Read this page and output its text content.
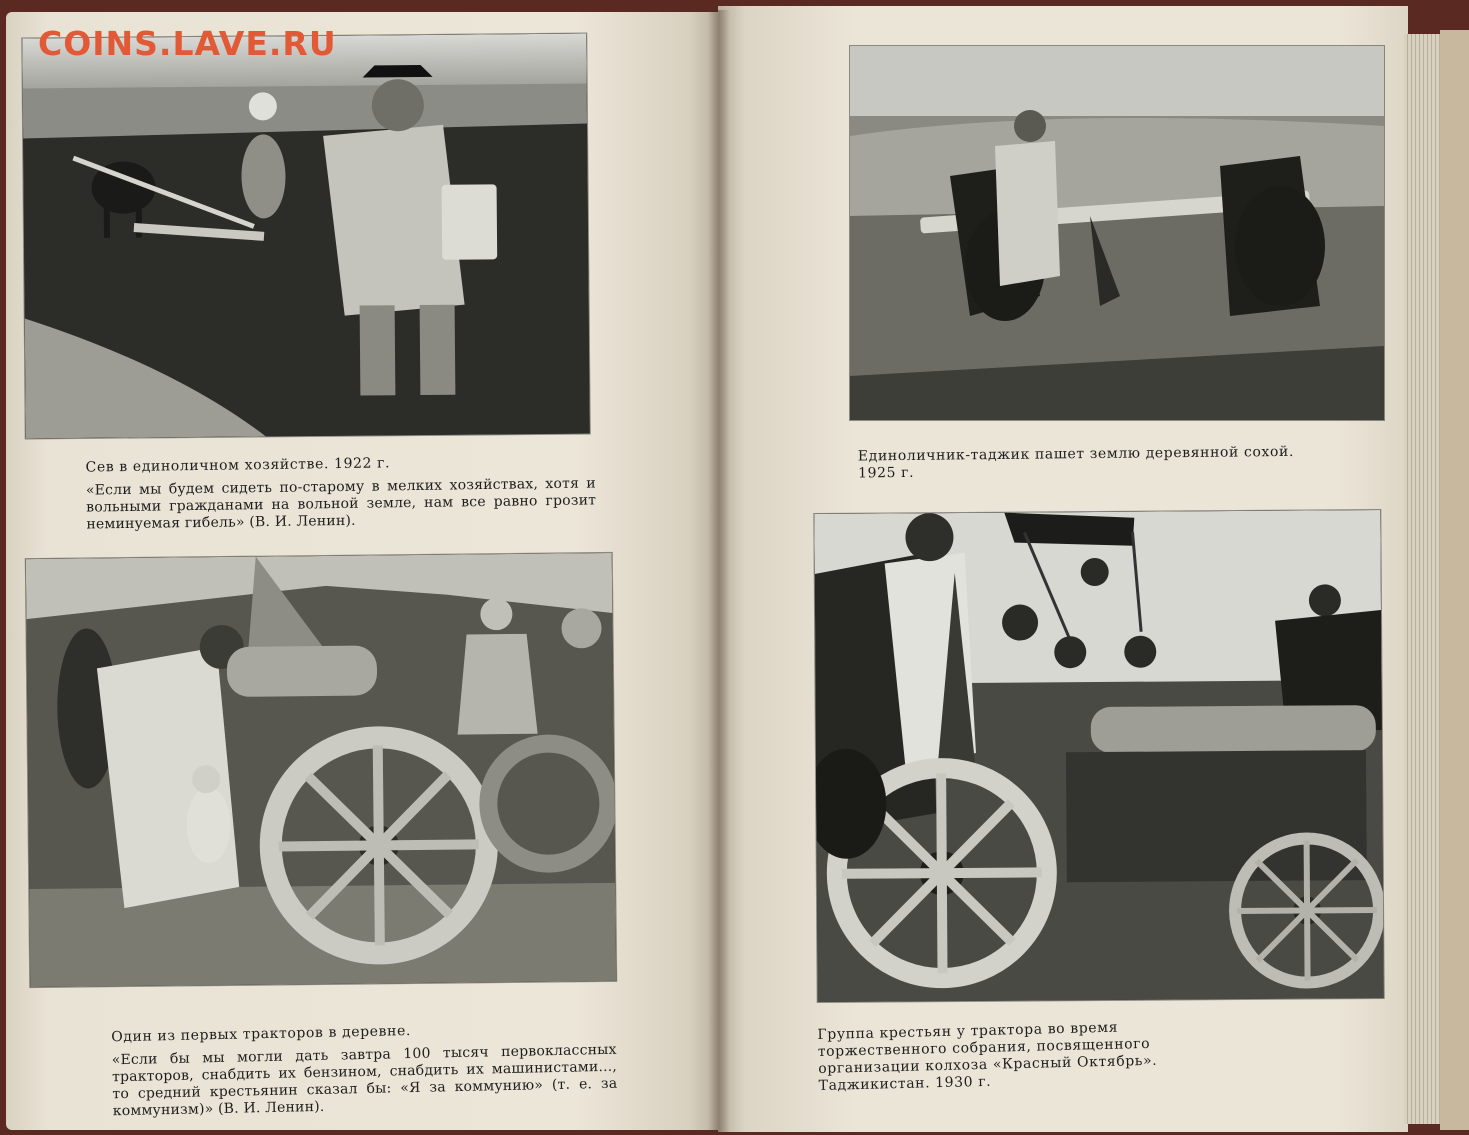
Сев в единоличном хозяйстве. 1922 г.
«Если мы будем сидеть по-старому в мелких хозяйствах, хотя и вольными гражданами на вольной земле, нам все равно грозит неминуемая гибель» (В. И. Ленин).
Единоличник-таджик пашет землю деревянной сохой. 1925 г.
Один из первых тракторов в деревне.
«Если бы мы могли дать завтра 100 тысяч первоклассных тракторов, снабдить их бензином, снабдить их машинистами..., то средний крестьянин сказал бы: «Я за коммунию» (т. е. за коммунизм)» (В. И. Ленин).
Группа крестьян у трактора во время торжественного собрания, посвященного организации колхоза «Красный Октябрь». Таджикистан. 1930 г.
COINS.LAVE.RU
